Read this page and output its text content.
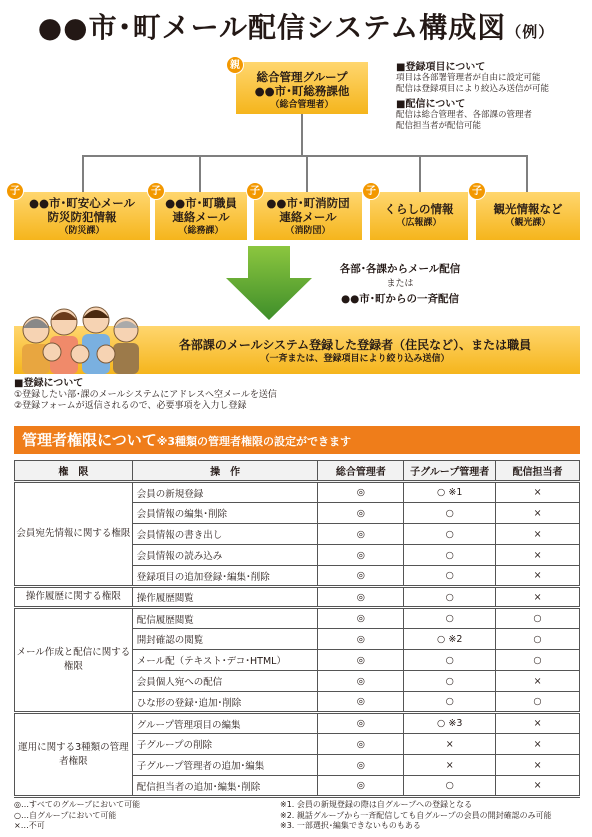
●●市･町メール配信システム構成図（例）
総合管理グループ
●●市･町総務課他
（総合管理者）
親	■登録項目について
項目は各部署管理者が自由に設定可能
配信は登録項目により絞込み送信が可能
■配信について
配信は総合管理者、各部課の管理者
配信担当者が配信可能
●●市･町安心メール
防災防犯情報
（防災課）
子
●●市･町職員
連絡メール
（総務課）
子
●●市･町消防団
連絡メール
（消防団）
子
くらしの情報
（広報課）
子
観光情報など
（観光課）
子
各部･各課からメール配信
または
●●市･町からの一斉配信
各部課のメールシステム登録した登録者（住民など）、または職員
（一斉または、登録項目により絞り込み送信）
■登録について
①登録したい部･課のメールシステムにアドレスへ空メールを送信
②登録フォームが返信されるので、必要事項を入力し登録
管理者権限について※3種類の管理者権限の設定ができます
権　限	操　作	総合管理者	子グループ管理者	配信担当者
会員宛先情報に関する権限	会員の新規登録	◎	○ ※1	×
	会員情報の編集･削除	◎	○	×
	会員情報の書き出し	◎	○	×
	会員情報の読み込み	◎	○	×
	登録項目の追加登録･編集･削除	◎	○	×
操作履歴に関する権限	操作履歴閲覧	◎	○	×
メール作成と配信に関する権限	配信履歴閲覧	◎	○	○
	開封確認の閲覧	◎	○ ※2	○
	メール配（テキスト･デコ･HTML）	◎	○	○
	会員個人宛への配信	◎	○	×
	ひな形の登録･追加･削除	◎	○	○
運用に関する3種類の管理者権限	グループ管理項目の編集	◎	○ ※3	×
	子グループの削除	◎	×	×
	子グループ管理者の追加･編集	◎	×	×
	配信担当者の追加･編集･削除	◎	○	×
◎…すべてのグループにおいて可能
○…自グループにおいて可能
×…不可
※1. 会員の新規登録の際は自グループへの登録となる
※2. 親話グループから一斉配信しても自グループの会員の開封確認のみ可能
※3. 一部選択･編集できないものもある
